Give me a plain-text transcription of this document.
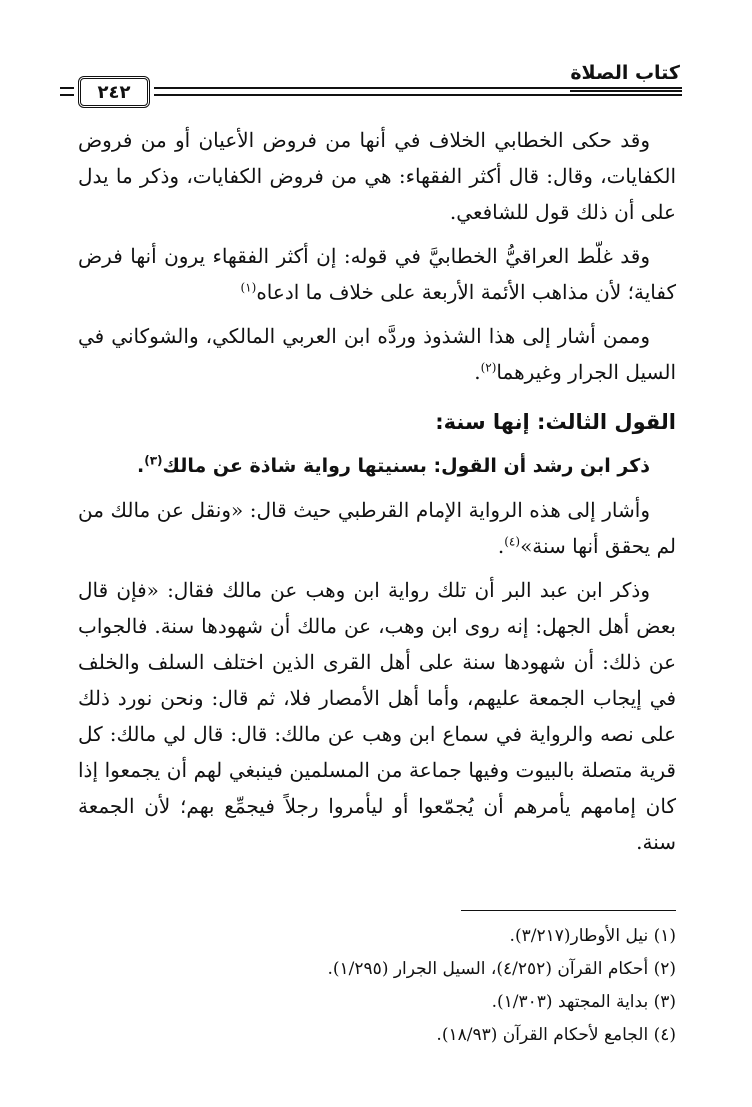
كتاب الصلاة
٢٤٢

وقد حكى الخطابي الخلاف في أنها من فروض الأعيان أو من فروض الكفايات، وقال: قال أكثر الفقهاء: هي من فروض الكفايات، وذكر ما يدل على أن ذلك قول للشافعي.

وقد غلّط العراقيُّ الخطابيَّ في قوله: إن أكثر الفقهاء يرون أنها فرض كفاية؛ لأن مذاهب الأئمة الأربعة على خلاف ما ادعاه$^{(١)}$

وممن أشار إلى هذا الشذوذ وردَّه ابن العربي المالكي، والشوكاني في السيل الجرار وغيرهما$^{(٢)}$.

القول الثالث: إنها سنة:

ذكر ابن رشد أن القول: بسنيتها رواية شاذة عن مالك$^{(٣)}$.

وأشار إلى هذه الرواية الإمام القرطبي حيث قال: «ونقل عن مالك من لم يحقق أنها سنة»$^{(٤)}$.

وذكر ابن عبد البر أن تلك رواية ابن وهب عن مالك فقال: «فإن قال بعض أهل الجهل: إنه روى ابن وهب، عن مالك أن شهودها سنة. فالجواب عن ذلك: أن شهودها سنة على أهل القرى الذين اختلف السلف والخلف في إيجاب الجمعة عليهم، وأما أهل الأمصار فلا، ثم قال: ونحن نورد ذلك على نصه والرواية في سماع ابن وهب عن مالك: قال: قال لي مالك: كل قرية متصلة بالبيوت وفيها جماعة من المسلمين فينبغي لهم أن يجمعوا إذا كان إمامهم يأمرهم أن يُجمّعوا أو ليأمروا رجلاً فيجمِّع بهم؛ لأن الجمعة سنة.

(١) نيل الأوطار(٣/٢١٧).

(٢) أحكام القرآن (٤/٢٥٢)، السيل الجرار (١/٢٩٥).

(٣) بداية المجتهد (١/٣٠٣).

(٤) الجامع لأحكام القرآن (١٨/٩٣).
